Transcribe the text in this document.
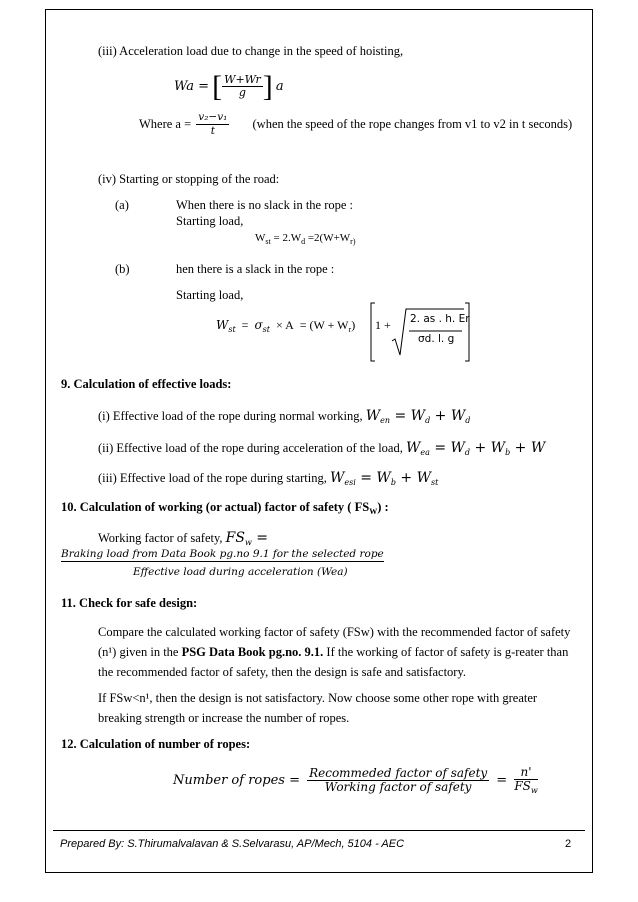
(iii) Acceleration load due to change in the speed of hoisting,
Wa = [ $\frac{W+Wr}{g}$ ] a
Where $a = \frac{\text{v₂−v₁}}{t}$ (when the speed of the rope changes from v1 to v2 in t seconds)
(iv) Starting or stopping of the road:
(a)	When there is no slack in the rope :
Starting load,
$W_{st} = 2.W_d =2(W+W_{r)}$
(b)	hen there is a slack in the rope :
Starting load,
$W_{st} = \sigma_{st} \times A = (W + W_r) 1 + 2$. as . h. Er
σd. l. g
9. Calculation of effective loads:
(i) Effective load of the rope during normal working, $W_{en} = W_d + W_d$
(ii) Effective load of the rope during acceleration of the load, $W_{ea} = W_d + W_b + W$
(iii) Effective load of the rope during starting, $W_{esi} = W_b + W_{st}$
10. Calculation of working (or actual) factor of safety ( $FS_W$) :
Working factor of safety, $FS_w$ =
Braking load from Data Book pg.no 9.1 for the selected rope
Effective load during acceleration (Wea)
11. Check for safe design:
Compare the calculated working factor of safety (FSw) with the recommended factor of safety
(n¹) given in the PSG Data Book pg.no. 9.1. If the working of factor of safety is g-reater than
the recommended factor of safety, then the design is safe and satisfactory.
If FSw<n¹, then the design is not satisfactory. Now choose some other rope with greater
breaking strength or increase the number of ropes.
12. Calculation of number of ropes:
Number of ropes = $\frac{\text{Recommeded factor of safety}}{\text{Working factor of safety}} = \frac{n'}{FS_w}$
Prepared By: S.Thirumalvalavan & S.Selvarasu, AP/Mech, 5104 - AEC	2
